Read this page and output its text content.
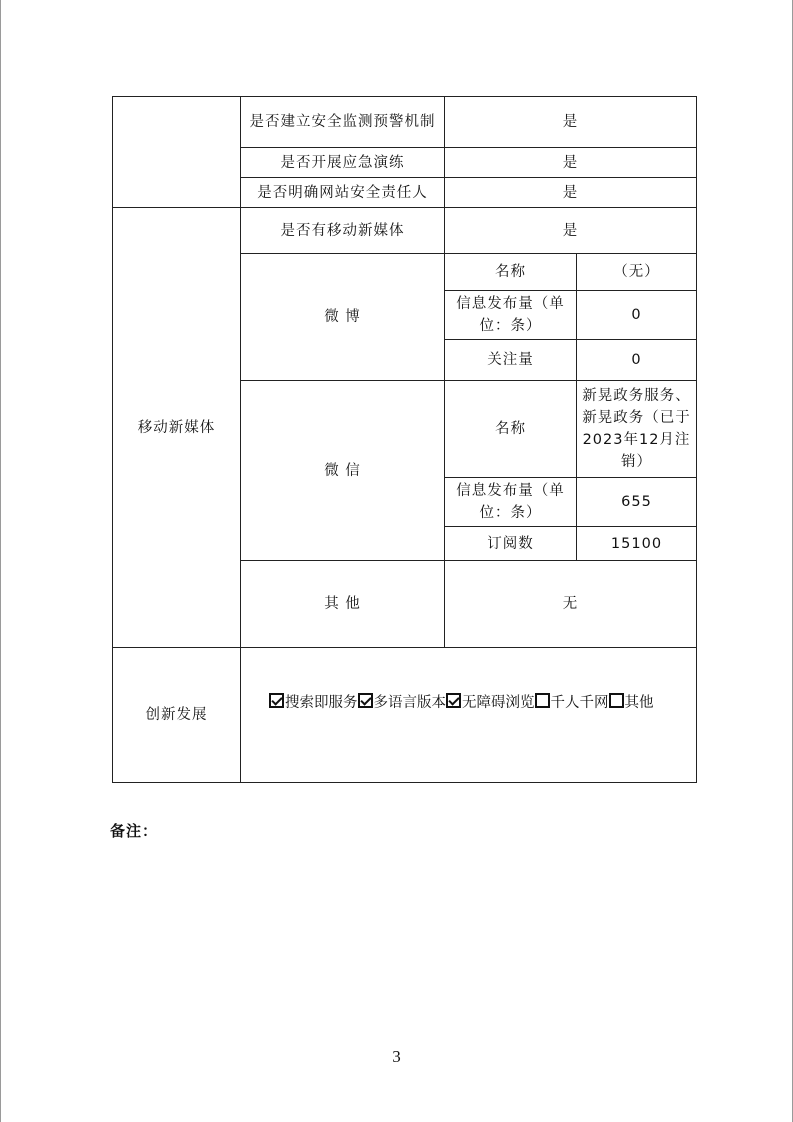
	是否建立安全监测预警机制	是	
	是否开展应急演练	是	
	是否明确网站安全责任人	是	
移动新媒体	是否有移动新媒体	是	
	微 博	名称	（无）
		信息发布量（单位：条）	0
		关注量	0
	微 信	名称	新晃政务服务、新晃政务（已于2023年12月注销）
		信息发布量（单位：条）	655
		订阅数	15100
	其 他	无	
创新发展	搜索即服务 多语言版本 无障碍浏览 千人千网 其他		
备注：
3
